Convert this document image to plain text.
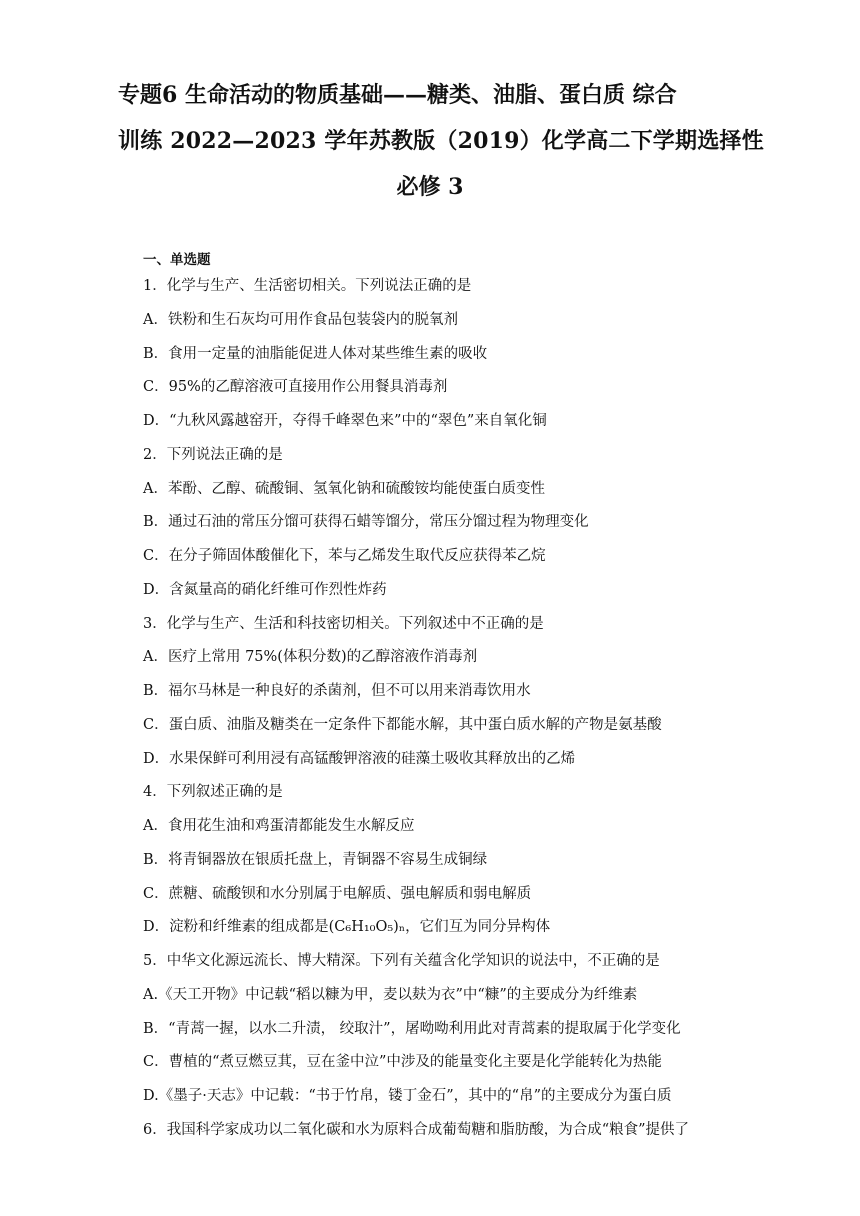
专题6 生命活动的物质基础——糖类、油脂、蛋白质 综合
训练 2022—2023 学年苏教版（2019）化学高二下学期选择性
必修 3
一、单选题
1．化学与生产、生活密切相关。下列说法正确的是
A．铁粉和生石灰均可用作食品包装袋内的脱氧剂
B．食用一定量的油脂能促进人体对某些维生素的吸收
C．95%的乙醇溶液可直接用作公用餐具消毒剂
D．“九秋风露越窑开，夺得千峰翠色来”中的“翠色”来自氧化铜
2．下列说法正确的是
A．苯酚、乙醇、硫酸铜、氢氧化钠和硫酸铵均能使蛋白质变性
B．通过石油的常压分馏可获得石蜡等馏分，常压分馏过程为物理变化
C．在分子筛固体酸催化下，苯与乙烯发生取代反应获得苯乙烷
D．含氮量高的硝化纤维可作烈性炸药
3．化学与生产、生活和科技密切相关。下列叙述中不正确的是
A．医疗上常用 75%(体积分数)的乙醇溶液作消毒剂
B．福尔马林是一种良好的杀菌剂，但不可以用来消毒饮用水
C．蛋白质、油脂及糖类在一定条件下都能水解，其中蛋白质水解的产物是氨基酸
D．水果保鲜可利用浸有高锰酸钾溶液的硅藻土吸收其释放出的乙烯
4．下列叙述正确的是
A．食用花生油和鸡蛋清都能发生水解反应
B．将青铜器放在银质托盘上，青铜器不容易生成铜绿
C．蔗糖、硫酸钡和水分别属于电解质、强电解质和弱电解质
D．淀粉和纤维素的组成都是(C₆H₁₀O₅)ₙ，它们互为同分异构体
5．中华文化源远流长、博大精深。下列有关蕴含化学知识的说法中，不正确的是
A.《天工开物》中记载“稻以糠为甲，麦以麸为衣”中“糠”的主要成分为纤维素
B．“青蒿一握，以水二升渍， 绞取汁”，屠呦呦利用此对青蒿素的提取属于化学变化
C．曹植的“煮豆燃豆萁，豆在釜中泣”中涉及的能量变化主要是化学能转化为热能
D.《墨子·天志》中记载：“书于竹帛，镂丁金石”，其中的“帛”的主要成分为蛋白质
6．我国科学家成功以二氧化碳和水为原料合成葡萄糖和脂肪酸，为合成“粮食”提供了
